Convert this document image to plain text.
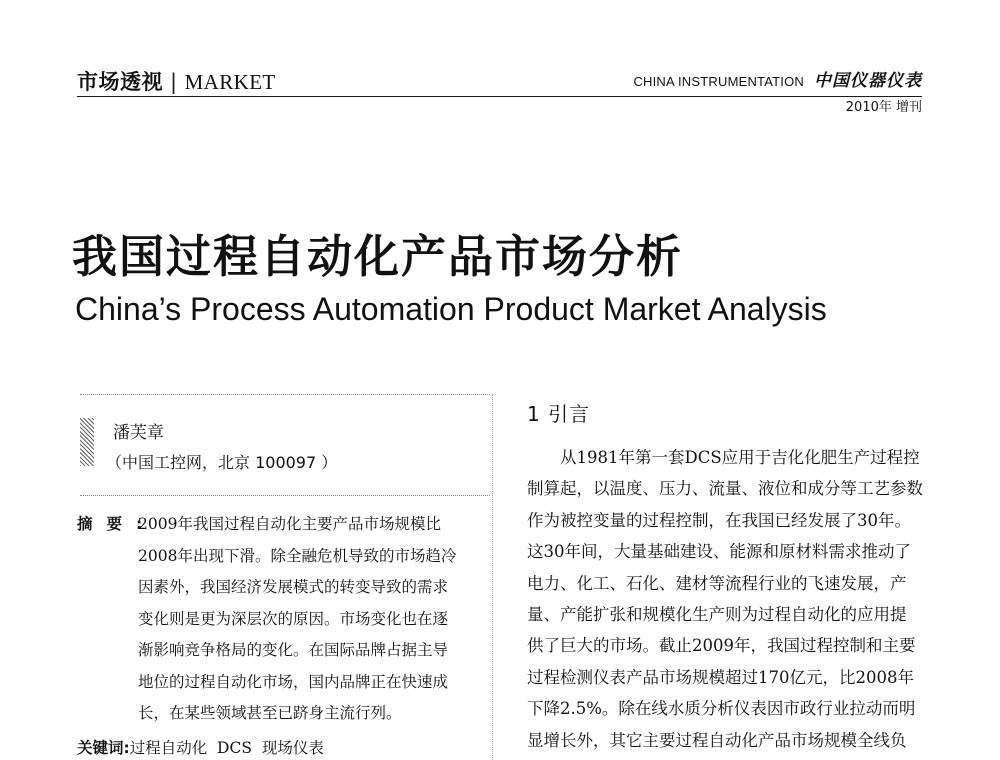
市场透视 | MARKET	CHINA INSTRUMENTATION 中国仪器仪表
2010年 增刊
我国过程自动化产品市场分析
China’s Process Automation Product Market Analysis
潘芙章
（中国工控网，北京 100097 ）
摘要:
2009年我国过程自动化主要产品市场规模比
2008年出现下滑。除全融危机导致的市场趋冷
因素外，我国经济发展模式的转变导致的需求
变化则是更为深层次的原因。市场变化也在逐
渐影响竞争格局的变化。在国际品牌占据主导
地位的过程自动化市场，国内品牌正在快速成
长，在某些领域甚至已跻身主流行列。
关键词:过程自动化  DCS  现场仪表
1 引言
从1981年第一套DCS应用于吉化化肥生产过程控
制算起，以温度、压力、流量、液位和成分等工艺参数
作为被控变量的过程控制，在我国已经发展了30年。
这30年间，大量基础建设、能源和原材料需求推动了
电力、化工、石化、建材等流程行业的飞速发展，产
量、产能扩张和规模化生产则为过程自动化的应用提
供了巨大的市场。截止2009年，我国过程控制和主要
过程检测仪表产品市场规模超过170亿元，比2008年
下降2.5%。除在线水质分析仪表因市政行业拉动而明
显增长外，其它主要过程自动化产品市场规模全线负
